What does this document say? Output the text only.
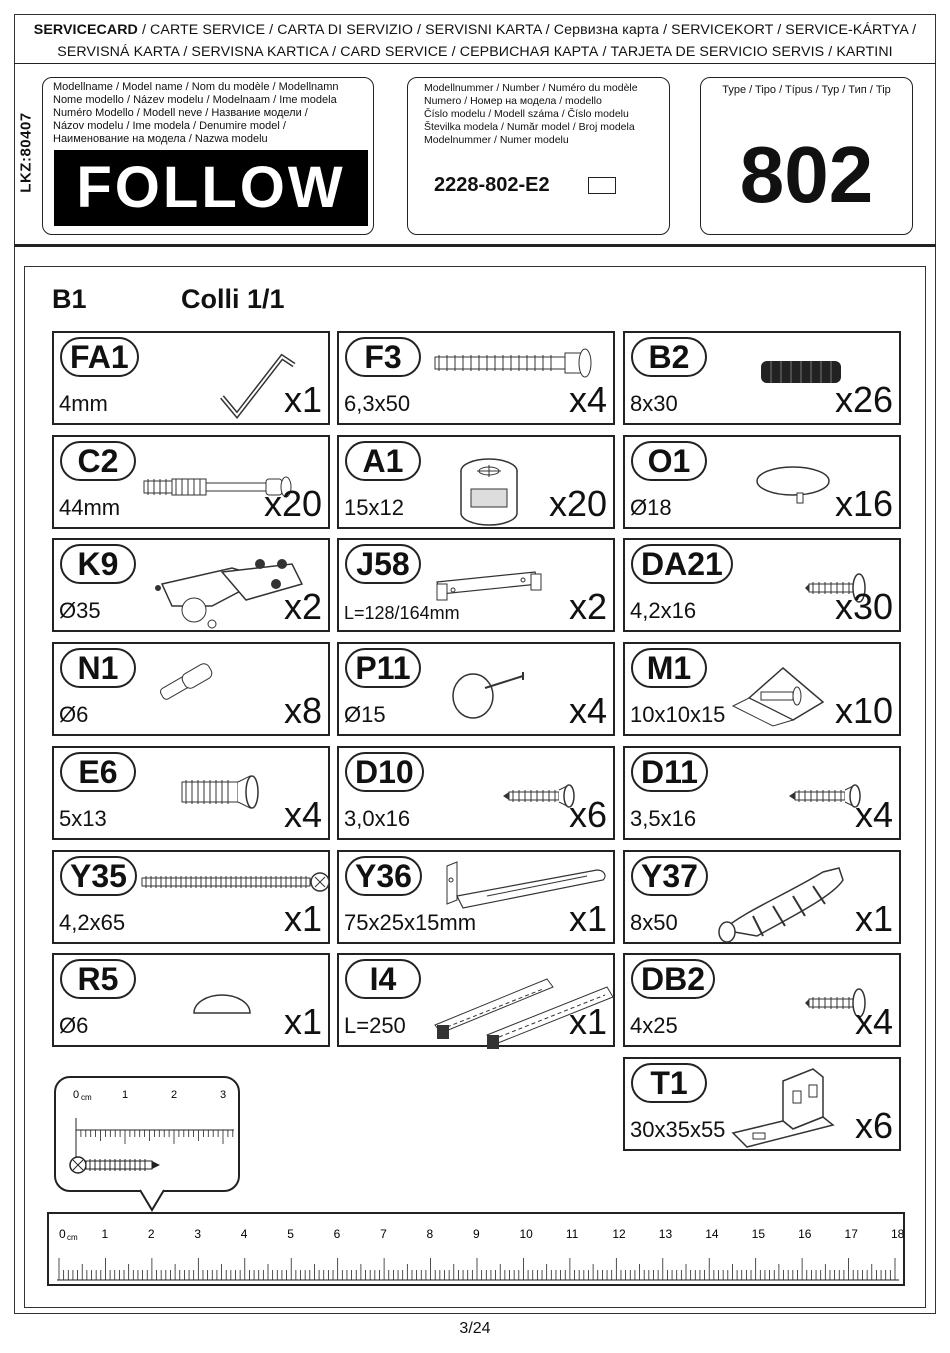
SERVICECARD / CARTE SERVICE / CARTA DI SERVIZIO / SERVISNI KARTA / Сервизна карта / SERVICEKORT / SERVICE-KÁRTYA /
SERVISNÁ KARTA / SERVISNA KARTICA / CARD SERVICE / СЕРВИСНАЯ КАРТА / TARJETA DE SERVICIO SERVIS / KARTINI
LKZ:80407
Modellname / Model name / Nom du modèle / Modellnamn
Nome modello / Název modelu / Modelnaam / Ime modela
Numéro Modello / Modell neve / Название модели /
Názov modelu / Ime modela / Denumire model /
Наименование на модела / Nazwa modelu
FOLLOW
Modellnummer / Number / Numéro du modèle
Numero / Номер на модела / modello
Číslo modelu / Modell száma / Číslo modelu
Številka modela / Număr model / Broj modela
Modelnummer / Numer modelu
2228-802-E2
Type / Tipo / Típus / Typ / Тип / Tip
802
B1	Colli 1/1
FA1
4mm	x1
F3
6,3x50	x4
B2
8x30	x26
C2
44mm	x20
A1
15x12	x20
O1
Ø18	x16
K9
Ø35	x2
J58
L=128/164mm	x2
DA21
4,2x16	x30
N1
Ø6	x8
P11
Ø15	x4
M1
10x10x15	x10
E6
5x13	x4
D10
3,0x16	x6
D11
3,5x16	x4
Y35
4,2x65	x1
Y36
75x25x15mm	x1
Y37
8x50	x1
R5
Ø6	x1
I4
L=250	x1
DB2
4x25	x4
T1
30x35x55	x6
0 cm	1	2	3
0 cm 1	2	3	4	5	6	7	8	9	10	11	12	13	14	15	16	17	18
3/24
